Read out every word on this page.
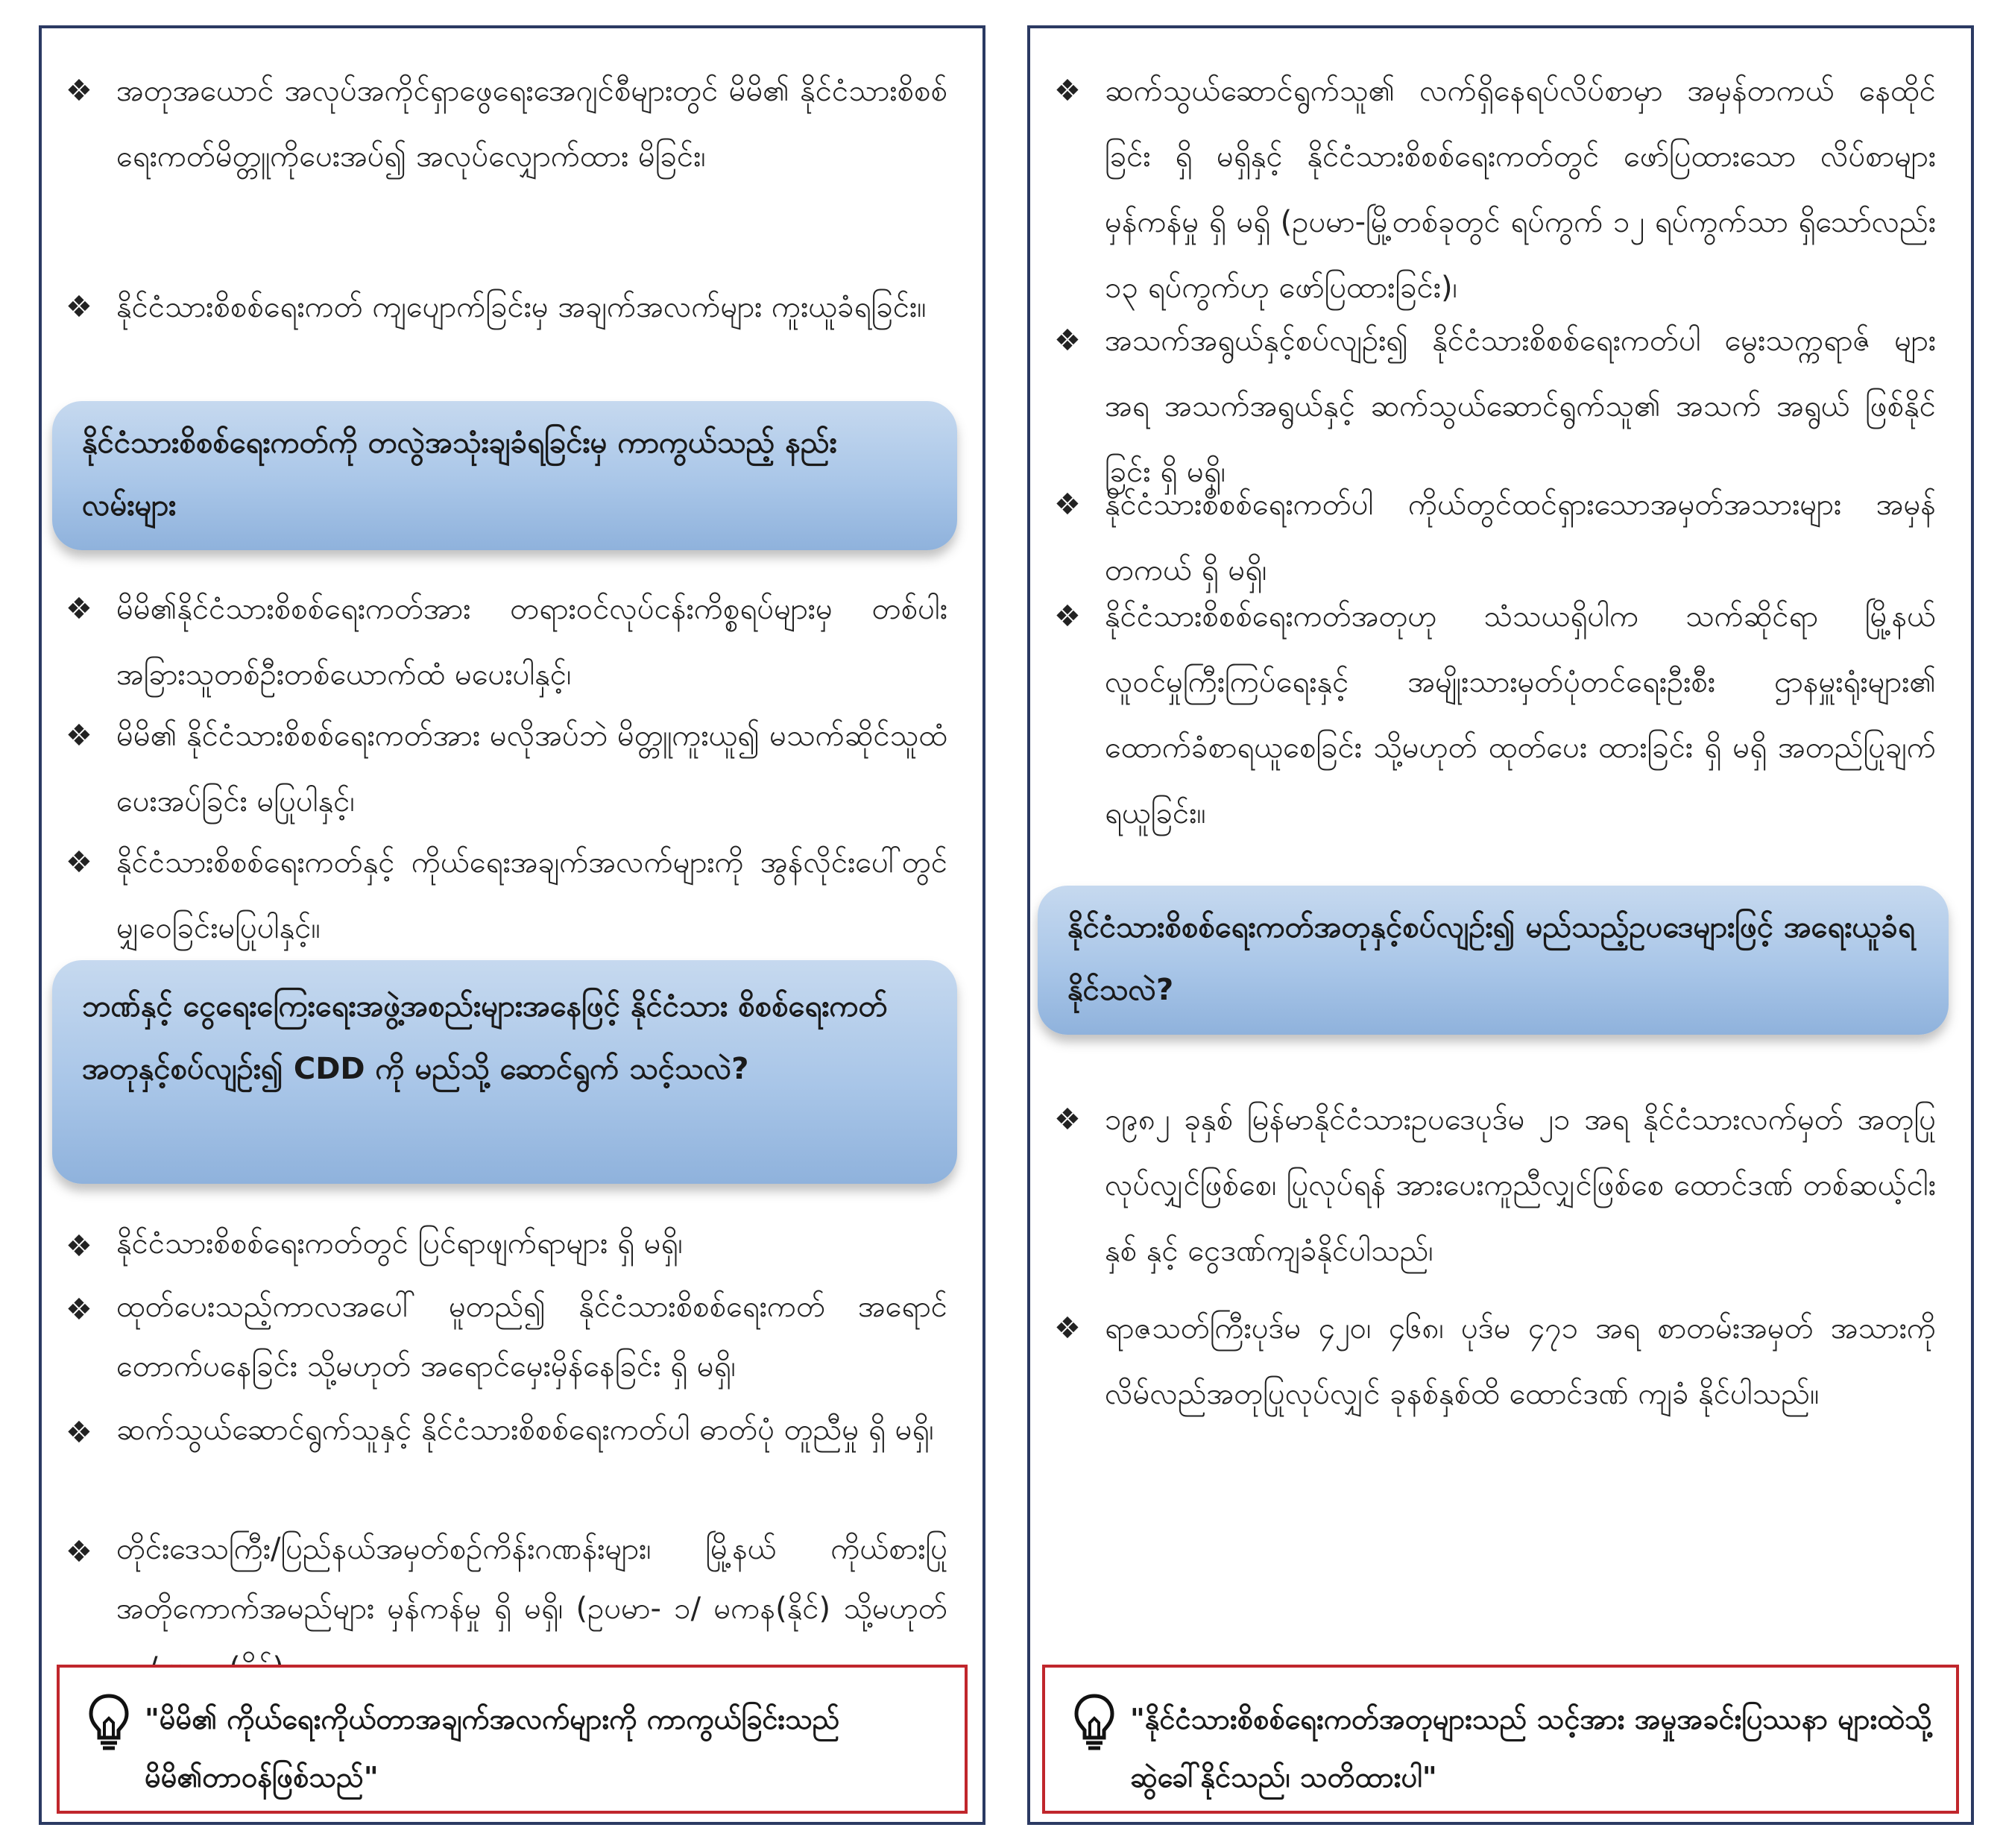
❖ အတုအယောင် အလုပ်အကိုင်ရှာဖွေရေးအေဂျင်စီများတွင် မိမိ၏ နိုင်ငံသားစိစစ်ရေးကတ်မိတ္တူကိုပေးအပ်၍ အလုပ်လျှောက်ထား မိခြင်း၊
❖ နိုင်ငံသားစိစစ်ရေးကတ် ကျပျောက်ခြင်းမှ အချက်အလက်များ ကူးယူခံရခြင်း။
နိုင်ငံသားစိစစ်ရေးကတ်ကို တလွဲအသုံးချခံရခြင်းမှ ကာကွယ်သည့် နည်းလမ်းများ
❖ မိမိ၏နိုင်ငံသားစိစစ်ရေးကတ်အား တရားဝင်လုပ်ငန်းကိစ္စရပ်များမှ တစ်ပါး အခြားသူတစ်ဦးတစ်ယောက်ထံ မပေးပါနှင့်၊
❖ မိမိ၏ နိုင်ငံသားစိစစ်ရေးကတ်အား မလိုအပ်ဘဲ မိတ္တူကူးယူ၍ မသက်ဆိုင်သူထံ ပေးအပ်ခြင်း မပြုပါနှင့်၊
❖ နိုင်ငံသားစိစစ်ရေးကတ်နှင့် ကိုယ်ရေးအချက်အလက်များကို အွန်လိုင်းပေါ်တွင် မျှဝေခြင်းမပြုပါနှင့်။
ဘဏ်နှင့် ငွေရေးကြေးရေးအဖွဲ့အစည်းများအနေဖြင့် နိုင်ငံသား စိစစ်ရေးကတ်အတုနှင့်စပ်လျဉ်း၍ CDD ကို မည်သို့ ဆောင်ရွက် သင့်သလဲ?
❖ နိုင်ငံသားစိစစ်ရေးကတ်တွင် ပြင်ရာဖျက်ရာများ ရှိ မရှိ၊
❖ ထုတ်ပေးသည့်ကာလအပေါ် မူတည်၍ နိုင်ငံသားစိစစ်ရေးကတ် အရောင် တောက်ပနေခြင်း သို့မဟုတ် အရောင်မှေးမှိန်နေခြင်း ရှိ မရှိ၊
❖ ဆက်သွယ်ဆောင်ရွက်သူနှင့် နိုင်ငံသားစိစစ်ရေးကတ်ပါ ဓာတ်ပုံ တူညီမှု ရှိ မရှိ၊
❖ တိုင်းဒေသကြီး/ပြည်နယ်အမှတ်စဉ်ကိန်းဂဏန်းများ၊ မြို့နယ် ကိုယ်စားပြု အတိုကောက်အမည်များ မှန်ကန်မှု ရှိ မရှိ၊ (ဥပမာ- ၁/ မကန(နိုင်) သို့မဟုတ်
"မိမိ၏ ကိုယ်ရေးကိုယ်တာအချက်အလက်များကို ကာကွယ်ခြင်းသည် မိမိ၏တာဝန်ဖြစ်သည်"
❖ ဆက်သွယ်ဆောင်ရွက်သူ၏ လက်ရှိနေရပ်လိပ်စာမှာ အမှန်တကယ် နေထိုင်ခြင်း ရှိ မရှိနှင့် နိုင်ငံသားစိစစ်ရေးကတ်တွင် ဖော်ပြထားသော လိပ်စာများ မှန်ကန်မှု ရှိ မရှိ (ဥပမာ-မြို့တစ်ခုတွင် ရပ်ကွက် ၁၂ ရပ်ကွက်သာ ရှိသော်လည်း ၁၃ ရပ်ကွက်ဟု ဖော်ပြထားခြင်း)၊
❖ အသက်အရွယ်နှင့်စပ်လျဉ်း၍ နိုင်ငံသားစိစစ်ရေးကတ်ပါ မွေးသက္ကရာဇ် များအရ အသက်အရွယ်နှင့် ဆက်သွယ်ဆောင်ရွက်သူ၏ အသက် အရွယ် ဖြစ်နိုင်ခြင်း ရှိ မရှိ၊
❖ နိုင်ငံသားစိစစ်ရေးကတ်ပါ ကိုယ်တွင်ထင်ရှားသောအမှတ်အသားများ အမှန်တကယ် ရှိ မရှိ၊
❖ နိုင်ငံသားစိစစ်ရေးကတ်အတုဟု သံသယရှိပါက သက်ဆိုင်ရာ မြို့နယ် လူဝင်မှုကြီးကြပ်ရေးနှင့် အမျိုးသားမှတ်ပုံတင်ရေးဦးစီး ဌာနမှူးရုံးများ၏ ထောက်ခံစာရယူစေခြင်း သို့မဟုတ် ထုတ်ပေး ထားခြင်း ရှိ မရှိ အတည်ပြုချက်ရယူခြင်း။
နိုင်ငံသားစိစစ်ရေးကတ်အတုနှင့်စပ်လျဉ်း၍ မည်သည့်ဥပဒေများဖြင့် အရေးယူခံရနိုင်သလဲ?
❖ ၁၉၈၂ ခုနှစ် မြန်မာနိုင်ငံသားဥပဒေပုဒ်မ ၂၁ အရ နိုင်ငံသားလက်မှတ် အတုပြုလုပ်လျှင်ဖြစ်စေ၊ ပြုလုပ်ရန် အားပေးကူညီလျှင်ဖြစ်စေ ထောင်ဒဏ် တစ်ဆယ့်ငါးနှစ် နှင့် ငွေဒဏ်ကျခံနိုင်ပါသည်၊
❖ ရာဇသတ်ကြီးပုဒ်မ ၄၂၀၊ ၄၆၈၊ ပုဒ်မ ၄၇၁ အရ စာတမ်းအမှတ် အသားကို လိမ်လည်အတုပြုလုပ်လျှင် ခုနစ်နှစ်ထိ ထောင်ဒဏ် ကျခံ နိုင်ပါသည်။
"နိုင်ငံသားစိစစ်ရေးကတ်အတုများသည် သင့်အား အမှုအခင်းပြဿနာ များထဲသို့ ဆွဲခေါ်နိုင်သည်၊ သတိထားပါ"
